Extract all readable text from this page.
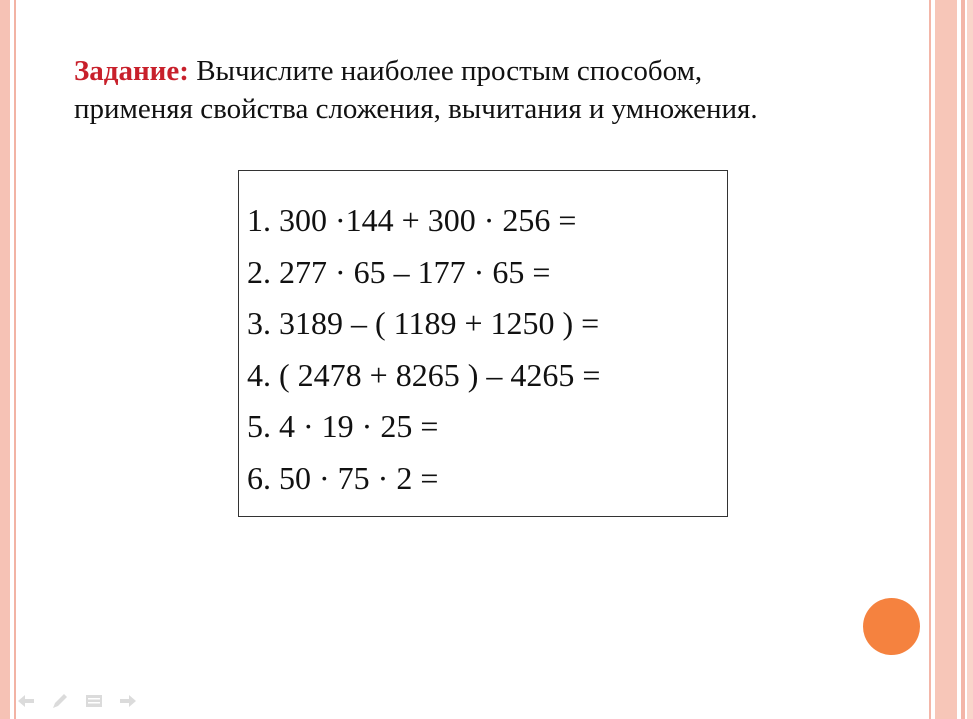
Задание: Вычислите наиболее простым способом,
применяя свойства сложения, вычитания и умножения.
1. 300 ·144 + 300 · 256 =
2. 277 · 65 – 177 · 65 =
3. 3189 – ( 1189 + 1250 ) =
4. ( 2478 + 8265 ) – 4265 =
5. 4 · 19 · 25 =
6. 50 · 75 · 2 =
